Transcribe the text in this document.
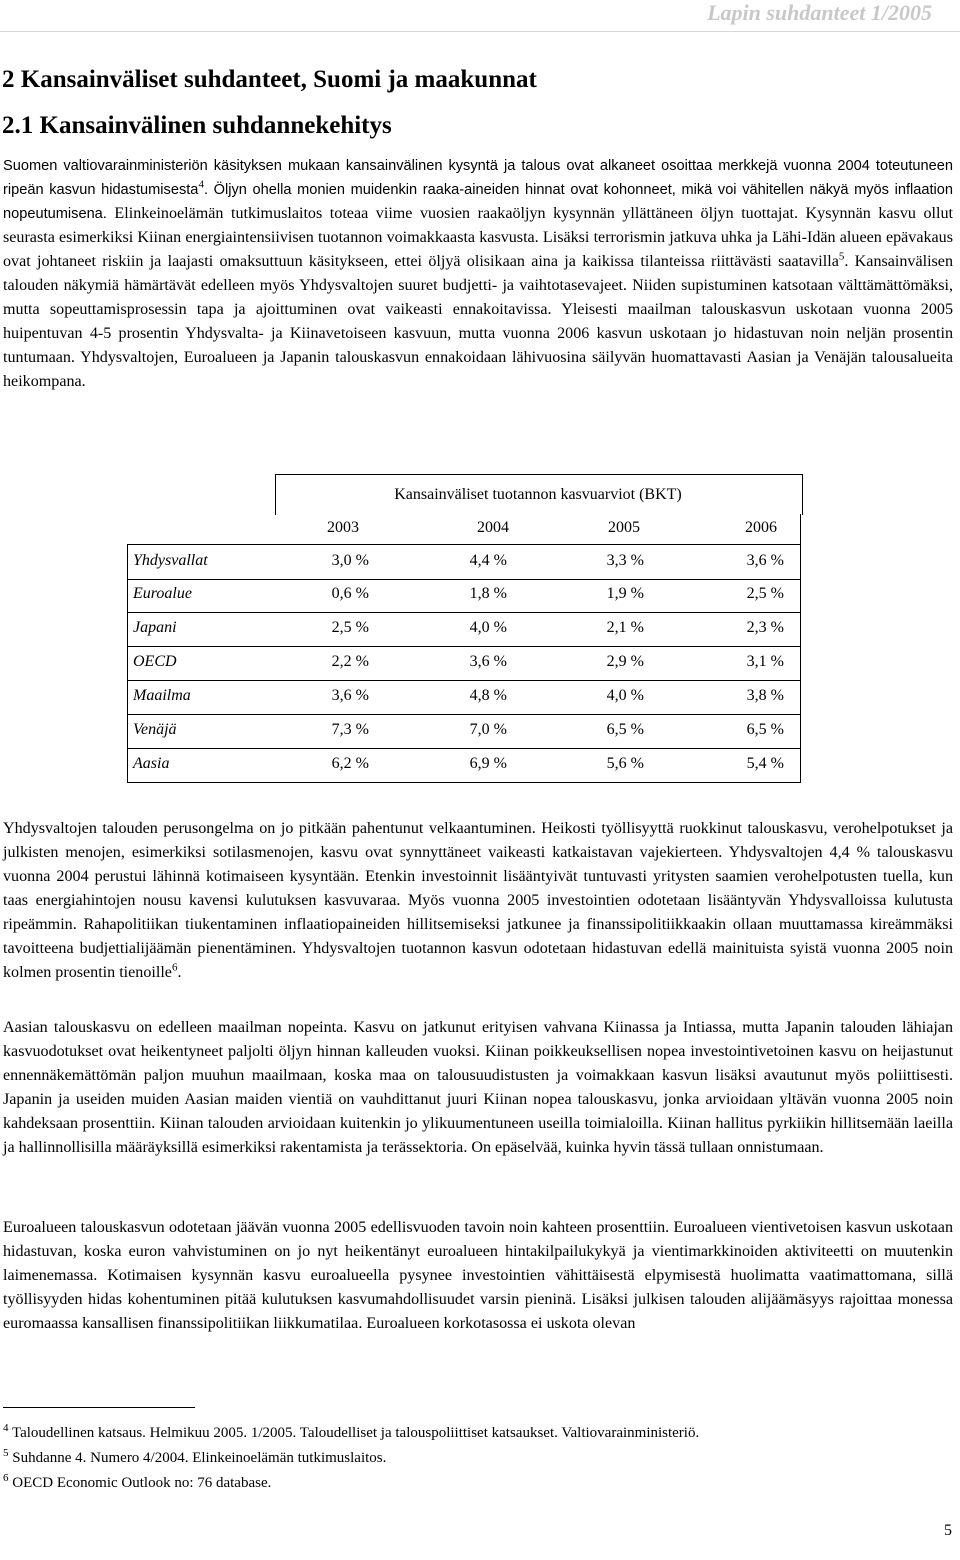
Lapin suhdanteet 1/2005
2 Kansainväliset suhdanteet, Suomi ja maakunnat
2.1 Kansainvälinen suhdannekehitys

Suomen valtiovarainministeriön käsityksen mukaan kansainvälinen kysyntä ja talous ovat alkaneet osoittaa merkkejä vuonna 2004 toteutuneen ripeän kasvun hidastumisesta$^4$. Öljyn ohella monien muidenkin raaka-aineiden hinnat ovat kohonneet, mikä voi vähitellen näkyä myös inflaation nopeutumisena. Elinkeinoelämän tutkimuslaitos toteaa viime vuosien raakaöljyn kysynnän yllättäneen öljyn tuottajat. Kysynnän kasvu ollut seurasta esimerkiksi Kiinan energiaintensiivisen tuotannon voimakkaasta kasvusta. Lisäksi terrorismin jatkuva uhka ja Lähi-Idän alueen epävakaus ovat johtaneet riskiin ja laajasti omaksuttuun käsitykseen, ettei öljyä olisikaan aina ja kaikissa tilanteissa riittävästi saatavilla$^5$. Kansainvälisen talouden näkymiä hämärtävät edelleen myös Yhdysvaltojen suuret budjetti- ja vaihtotasevajeet. Niiden supistuminen katsotaan välttämättömäksi, mutta sopeuttamisprosessin tapa ja ajoittuminen ovat vaikeasti ennakoitavissa. Yleisesti maailman talouskasvun uskotaan vuonna 2005 huipentuvan 4-5 prosentin Yhdysvalta- ja Kiinavetoiseen kasvuun, mutta vuonna 2006 kasvun uskotaan jo hidastuvan noin neljän prosentin tuntumaan. Yhdysvaltojen, Euroalueen ja Japanin talouskasvun ennakoidaan lähivuosina säilyvän huomattavasti Aasian ja Venäjän talousalueita heikompana.

Kansainväliset tuotannon kasvuarviot (BKT)
2003	2004	2005	2006
Yhdysvallat	3,0 %	4,4 %	3,3 %	3,6 %
Euroalue	0,6 %	1,8 %	1,9 %	2,5 %
Japani	2,5 %	4,0 %	2,1 %	2,3 %
OECD	2,2 %	3,6 %	2,9 %	3,1 %
Maailma	3,6 %	4,8 %	4,0 %	3,8 %
Venäjä	7,3 %	7,0 %	6,5 %	6,5 %
Aasia	6,2 %	6,9 %	5,6 %	5,4 %

Yhdysvaltojen talouden perusongelma on jo pitkään pahentunut velkaantuminen. Heikosti työllisyyttä ruokkinut talouskasvu, verohelpotukset ja julkisten menojen, esimerkiksi sotilasmenojen, kasvu ovat synnyttäneet vaikeasti katkaistavan vajekierteen. Yhdysvaltojen 4,4 % talouskasvu vuonna 2004 perustui lähinnä kotimaiseen kysyntään. Etenkin investoinnit lisääntyivät tuntuvasti yritysten saamien verohelpotusten tuella, kun taas energiahintojen nousu kavensi kulutuksen kasvuvaraa. Myös vuonna 2005 investointien odotetaan lisääntyvän Yhdysvalloissa kulutusta ripeämmin. Rahapolitiikan tiukentaminen inflaatiopaineiden hillitsemiseksi jatkunee ja finanssipolitiikkaakin ollaan muuttamassa kireämmäksi tavoitteena budjettialijäämän pienentäminen. Yhdysvaltojen tuotannon kasvun odotetaan hidastuvan edellä mainituista syistä vuonna 2005 noin kolmen prosentin tienoille$^6$.

Aasian talouskasvu on edelleen maailman nopeinta. Kasvu on jatkunut erityisen vahvana Kiinassa ja Intiassa, mutta Japanin talouden lähiajan kasvuodotukset ovat heikentyneet paljolti öljyn hinnan kalleuden vuoksi. Kiinan poikkeuksellisen nopea investointivetoinen kasvu on heijastunut ennennäkemättömän paljon muuhun maailmaan, koska maa on talousuudistusten ja voimakkaan kasvun lisäksi avautunut myös poliittisesti. Japanin ja useiden muiden Aasian maiden vientiä on vauhdittanut juuri Kiinan nopea talouskasvu, jonka arvioidaan yltävän vuonna 2005 noin kahdeksaan prosenttiin. Kiinan talouden arvioidaan kuitenkin jo ylikuumentuneen useilla toimialoilla. Kiinan hallitus pyrkiikin hillitsemään laeilla ja hallinnollisilla määräyksillä esimerkiksi rakentamista ja terässektoria. On epäselvää, kuinka hyvin tässä tullaan onnistumaan.

Euroalueen talouskasvun odotetaan jäävän vuonna 2005 edellisvuoden tavoin noin kahteen prosenttiin. Euroalueen vientivetoisen kasvun uskotaan hidastuvan, koska euron vahvistuminen on jo nyt heikentänyt euroalueen hintakilpailukykyä ja vientimarkkinoiden aktiviteetti on muutenkin laimenemassa. Kotimaisen kysynnän kasvu euroalueella pysynee investointien vähittäisestä elpymisestä huolimatta vaatimattomana, sillä työllisyyden hidas kohentuminen pitää kulutuksen kasvumahdollisuudet varsin pieninä. Lisäksi julkisen talouden alijäämäsyys rajoittaa monessa euromaassa kansallisen finanssipolitiikan liikkumatilaa. Euroalueen korkotasossa ei uskota olevan

$^4$ Taloudellinen katsaus. Helmikuu 2005. 1/2005. Taloudelliset ja talouspoliittiset katsaukset. Valtiovarainministeriö.
$^5$ Suhdanne 4. Numero 4/2004. Elinkeinoelämän tutkimuslaitos.
$^6$ OECD Economic Outlook no: 76 database.
5
